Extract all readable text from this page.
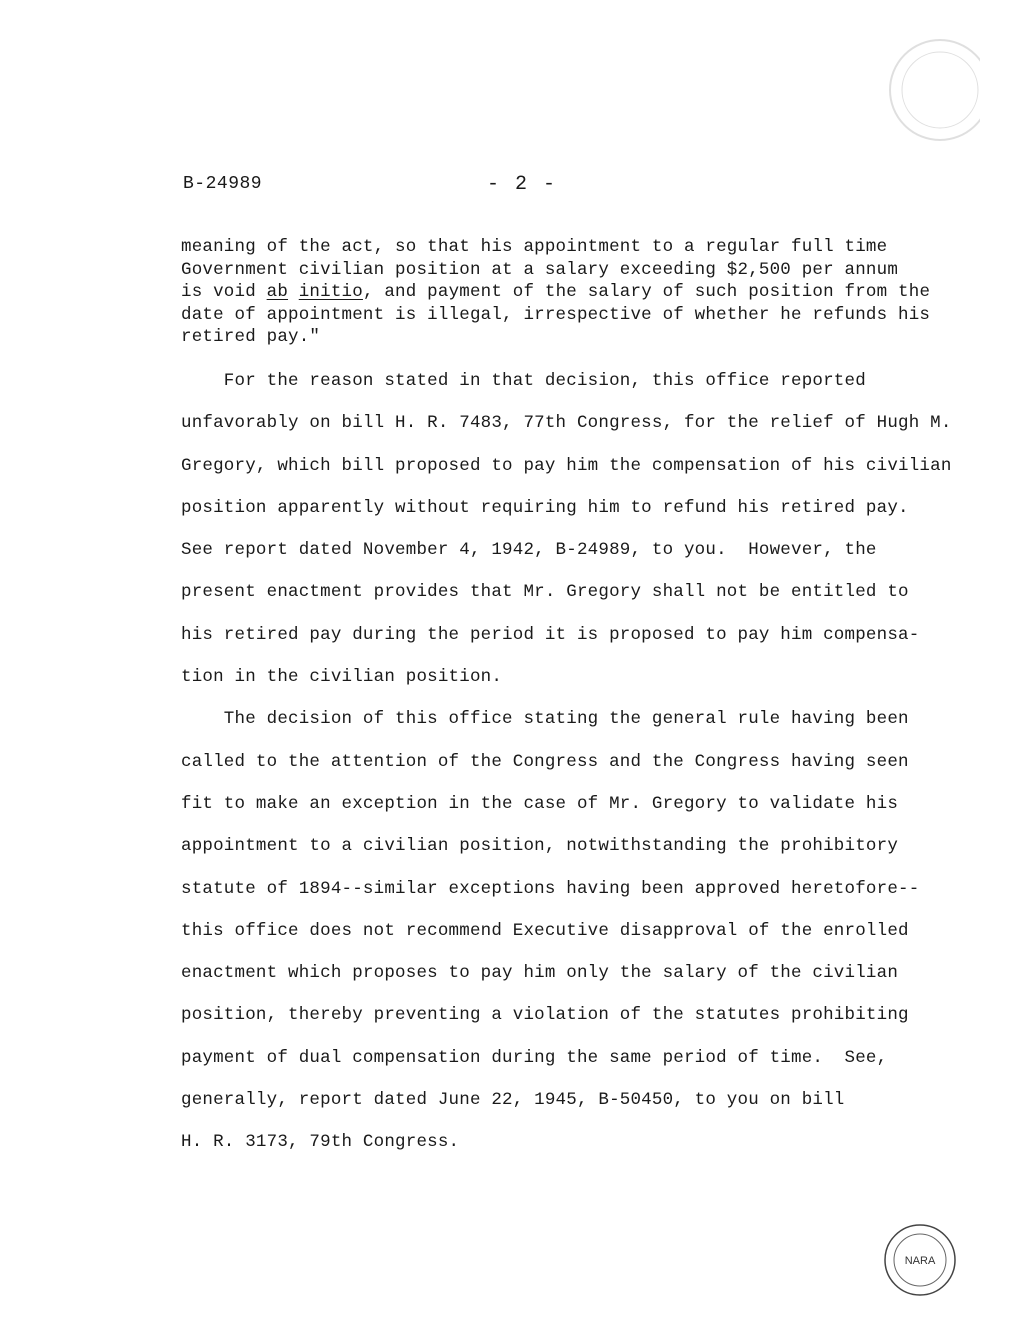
B-24989	- 2 -
meaning of the act, so that his appointment to a regular full time
Government civilian position at a salary exceeding $2,500 per annum
is void ab initio, and payment of the salary of such position from the
date of appointment is illegal, irrespective of whether he refunds his
retired pay."
For the reason stated in that decision, this office reported
unfavorably on bill H. R. 7483, 77th Congress, for the relief of Hugh M.
Gregory, which bill proposed to pay him the compensation of his civilian
position apparently without requiring him to refund his retired pay.
See report dated November 4, 1942, B-24989, to you.  However, the
present enactment provides that Mr. Gregory shall not be entitled to
his retired pay during the period it is proposed to pay him compensa-
tion in the civilian position.
The decision of this office stating the general rule having been
called to the attention of the Congress and the Congress having seen
fit to make an exception in the case of Mr. Gregory to validate his
appointment to a civilian position, notwithstanding the prohibitory
statute of 1894--similar exceptions having been approved heretofore--
this office does not recommend Executive disapproval of the enrolled
enactment which proposes to pay him only the salary of the civilian
position, thereby preventing a violation of the statutes prohibiting
payment of dual compensation during the same period of time.  See,
generally, report dated June 22, 1945, B-50450, to you on bill
H. R. 3173, 79th Congress.
NARA
